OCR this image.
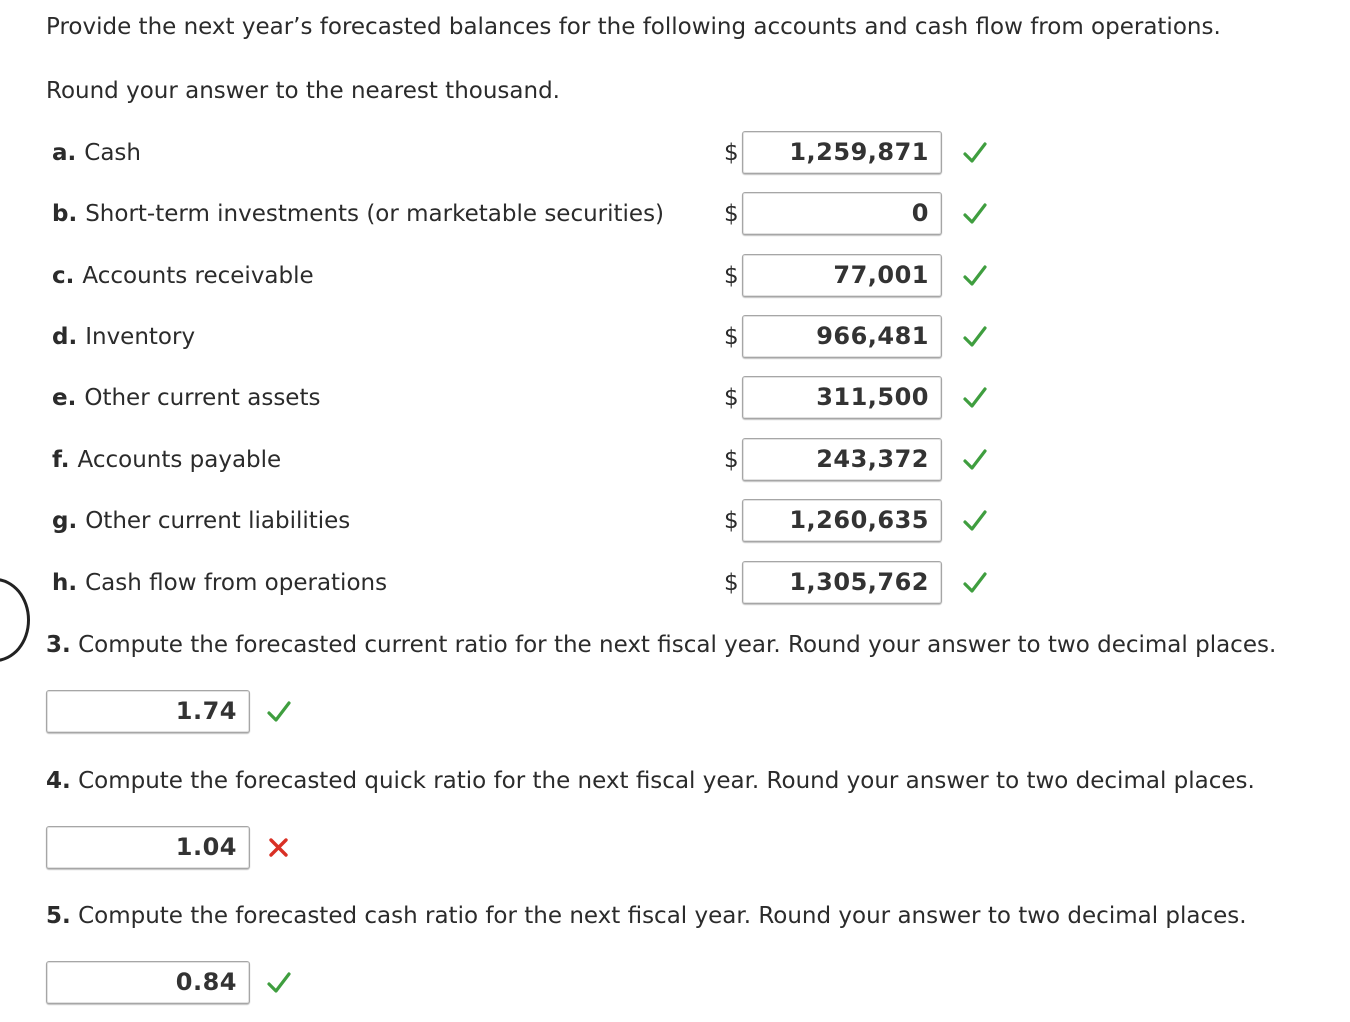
Provide the next year’s forecasted balances for the following accounts and cash flow from operations.
Round your answer to the nearest thousand.
a. Cash	$	1,259,871
b. Short-term investments (or marketable securities)	$	0
c. Accounts receivable	$	77,001
d. Inventory	$	966,481
e. Other current assets	$	311,500
f. Accounts payable	$	243,372
g. Other current liabilities	$	1,260,635
h. Cash flow from operations	$	1,305,762
3. Compute the forecasted current ratio for the next fiscal year. Round your answer to two decimal places.
1.74
4. Compute the forecasted quick ratio for the next fiscal year. Round your answer to two decimal places.
1.04
5. Compute the forecasted cash ratio for the next fiscal year. Round your answer to two decimal places.
0.84
